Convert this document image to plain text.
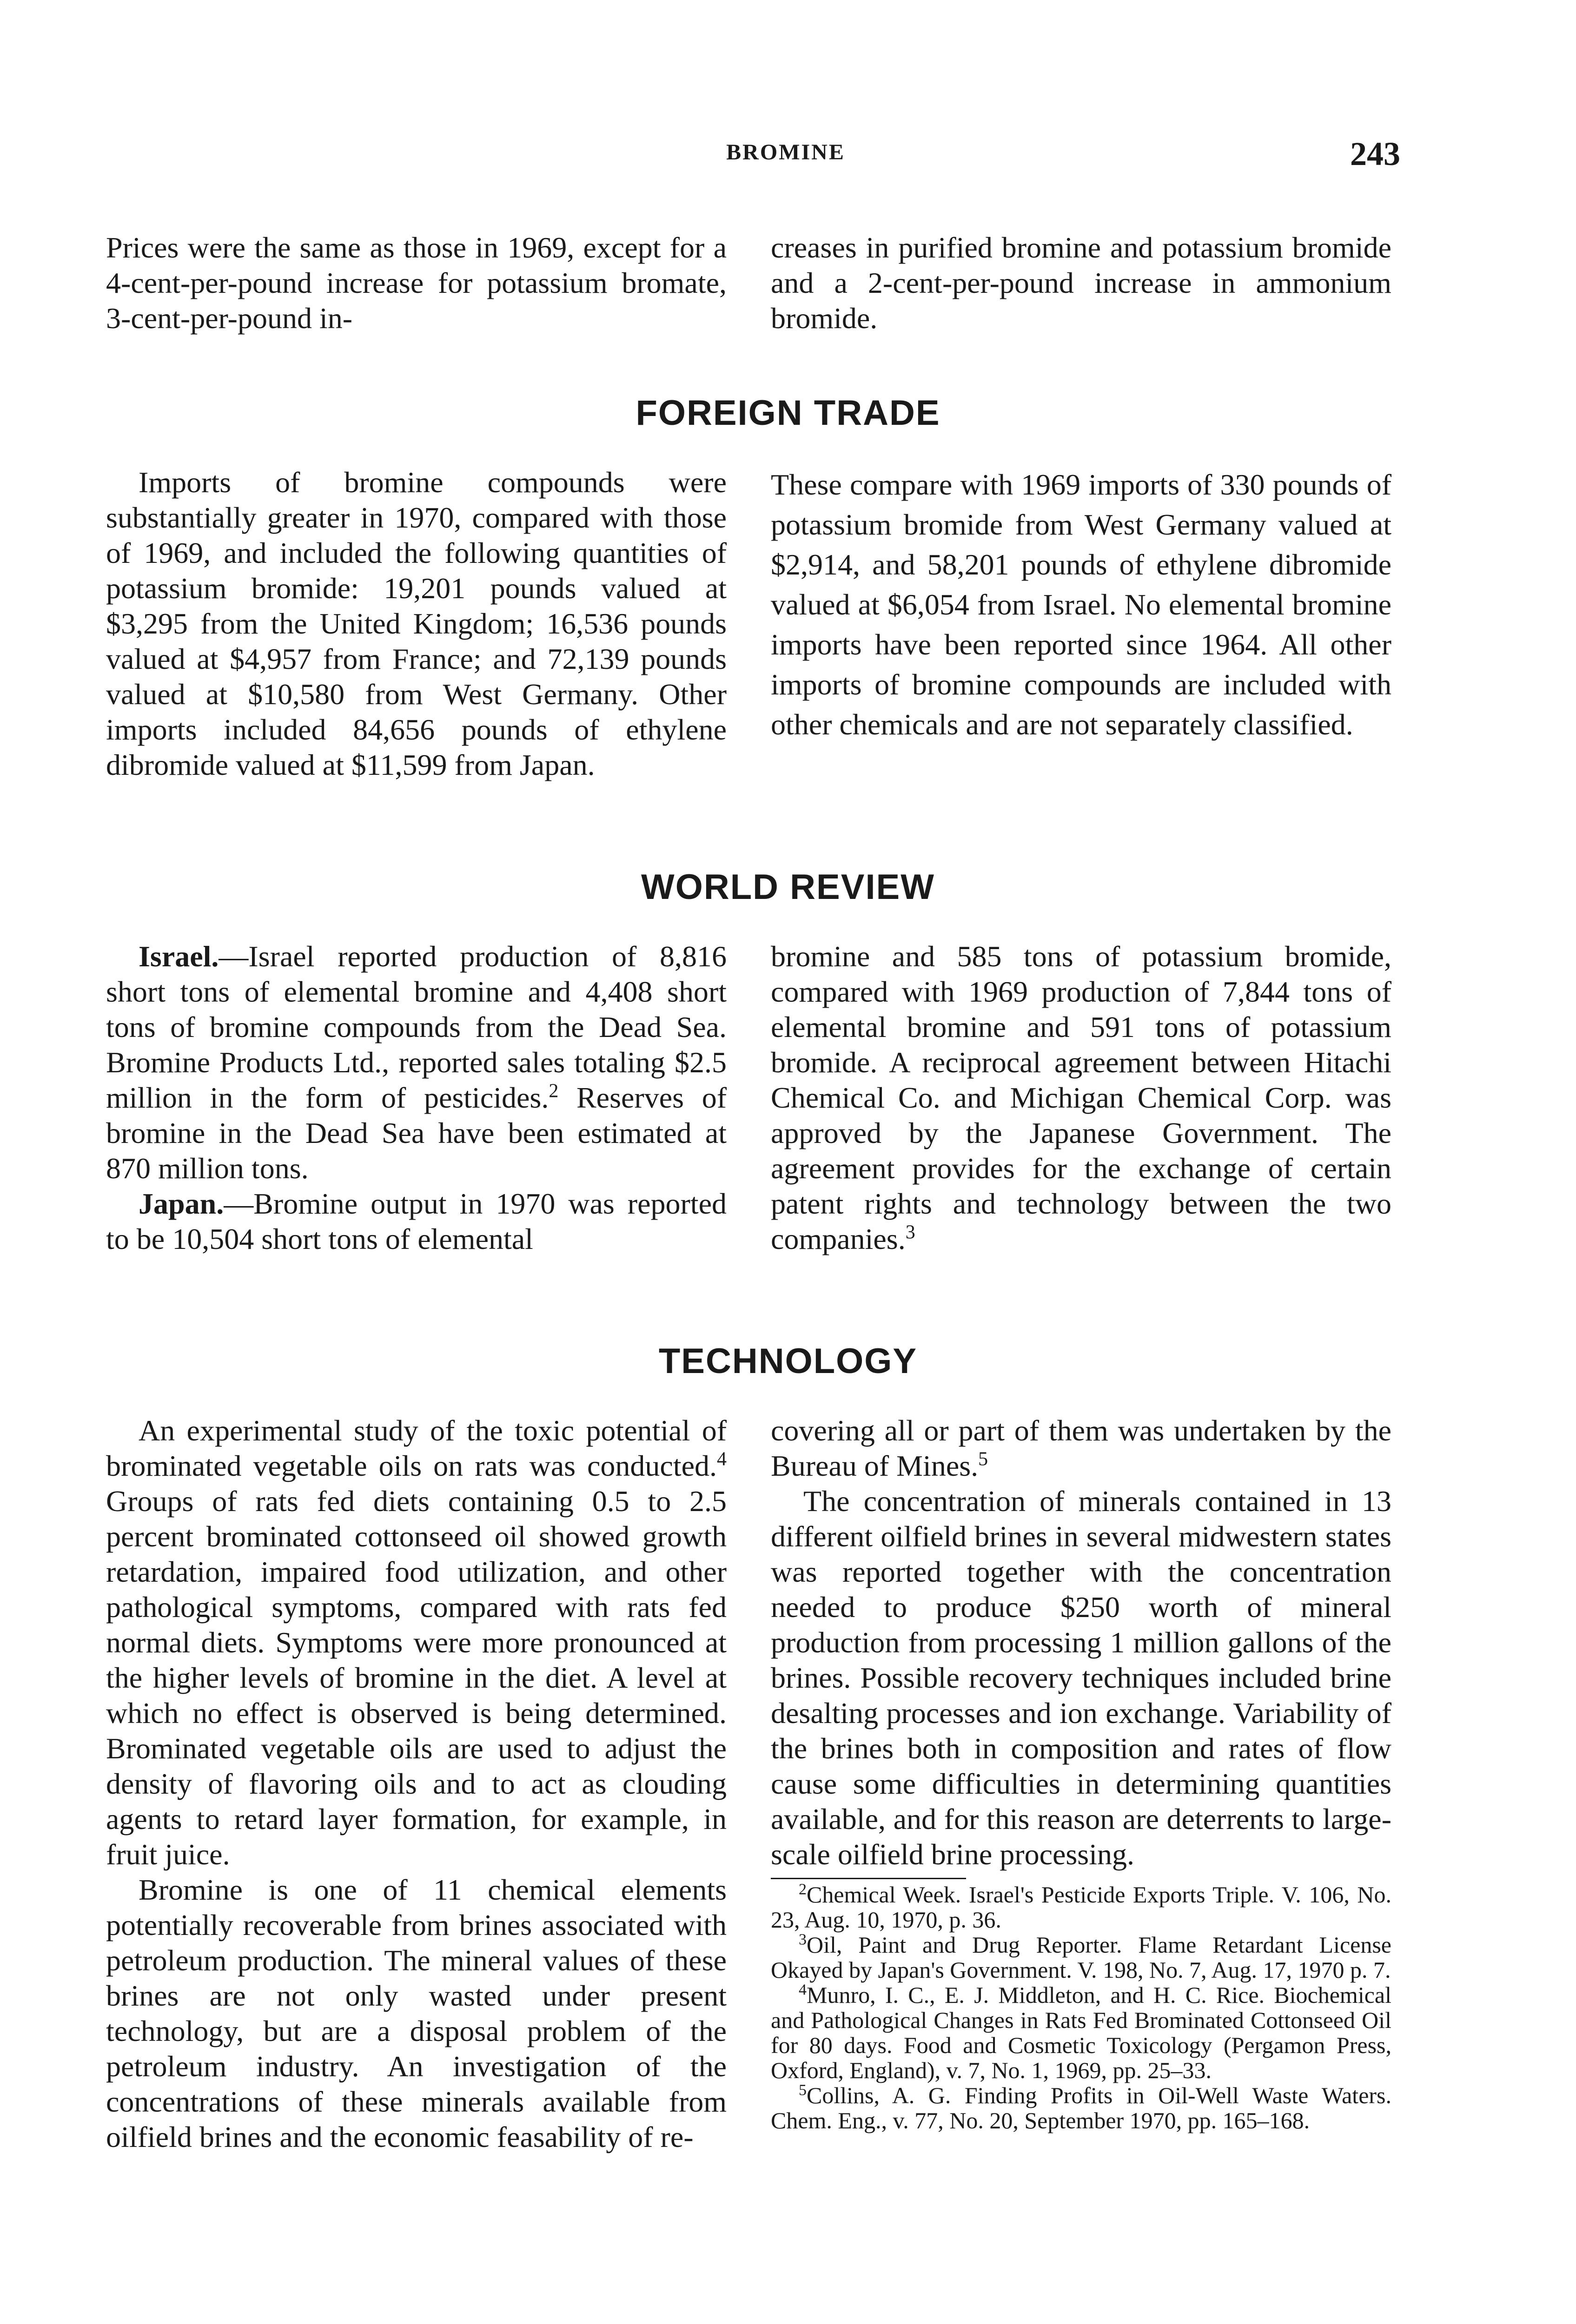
BROMINE	243

Prices were the same as those in 1969, except for a 4-cent-per-pound increase for potassium bromate, 3-cent-per-pound in-

creases in purified bromine and potassium bromide and a 2-cent-per-pound increase in ammonium bromide.

FOREIGN TRADE

Imports of bromine compounds were substantially greater in 1970, compared with those of 1969, and included the following quantities of potassium bromide: 19,201 pounds valued at $3,295 from the United Kingdom; 16,536 pounds valued at $4,957 from France; and 72,139 pounds valued at $10,580 from West Germany. Other imports included 84,656 pounds of ethylene dibromide valued at $11,599 from Japan.

These compare with 1969 imports of 330 pounds of potassium bromide from West Germany valued at $2,914, and 58,201 pounds of ethylene dibromide valued at $6,054 from Israel. No elemental bromine imports have been reported since 1964. All other imports of bromine compounds are included with other chemicals and are not separately classified.

WORLD REVIEW

Israel.—Israel reported production of 8,816 short tons of elemental bromine and 4,408 short tons of bromine compounds from the Dead Sea. Bromine Products Ltd., reported sales totaling $2.5 million in the form of pesticides.$^2$ Reserves of bromine in the Dead Sea have been estimated at 870 million tons.

Japan.—Bromine output in 1970 was reported to be 10,504 short tons of elemental

bromine and 585 tons of potassium bromide, compared with 1969 production of 7,844 tons of elemental bromine and 591 tons of potassium bromide. A reciprocal agreement between Hitachi Chemical Co. and Michigan Chemical Corp. was approved by the Japanese Government. The agreement provides for the exchange of certain patent rights and technology between the two companies.$^3$

TECHNOLOGY

An experimental study of the toxic potential of brominated vegetable oils on rats was conducted.$^4$ Groups of rats fed diets containing 0.5 to 2.5 percent brominated cottonseed oil showed growth retardation, impaired food utilization, and other pathological symptoms, compared with rats fed normal diets. Symptoms were more pronounced at the higher levels of bromine in the diet. A level at which no effect is observed is being determined. Brominated vegetable oils are used to adjust the density of flavoring oils and to act as clouding agents to retard layer formation, for example, in fruit juice.

Bromine is one of 11 chemical elements potentially recoverable from brines associated with petroleum production. The mineral values of these brines are not only wasted under present technology, but are a disposal problem of the petroleum industry. An investigation of the concentrations of these minerals available from oilfield brines and the economic feasability of re-

covering all or part of them was undertaken by the Bureau of Mines.$^5$

The concentration of minerals contained in 13 different oilfield brines in several midwestern states was reported together with the concentration needed to produce $250 worth of mineral production from processing 1 million gallons of the brines. Possible recovery techniques included brine desalting processes and ion exchange. Variability of the brines both in composition and rates of flow cause some difficulties in determining quantities available, and for this reason are deterrents to large-scale oilfield brine processing.

$^2$Chemical Week. Israel's Pesticide Exports Triple. V. 106, No. 23, Aug. 10, 1970, p. 36.

$^3$Oil, Paint and Drug Reporter. Flame Retardant License Okayed by Japan's Government. V. 198, No. 7, Aug. 17, 1970 p. 7.

$^4$Munro, I. C., E. J. Middleton, and H. C. Rice. Biochemical and Pathological Changes in Rats Fed Brominated Cottonseed Oil for 80 days. Food and Cosmetic Toxicology (Pergamon Press, Oxford, England), v. 7, No. 1, 1969, pp. 25–33.

$^5$Collins, A. G. Finding Profits in Oil-Well Waste Waters. Chem. Eng., v. 77, No. 20, September 1970, pp. 165–168.
